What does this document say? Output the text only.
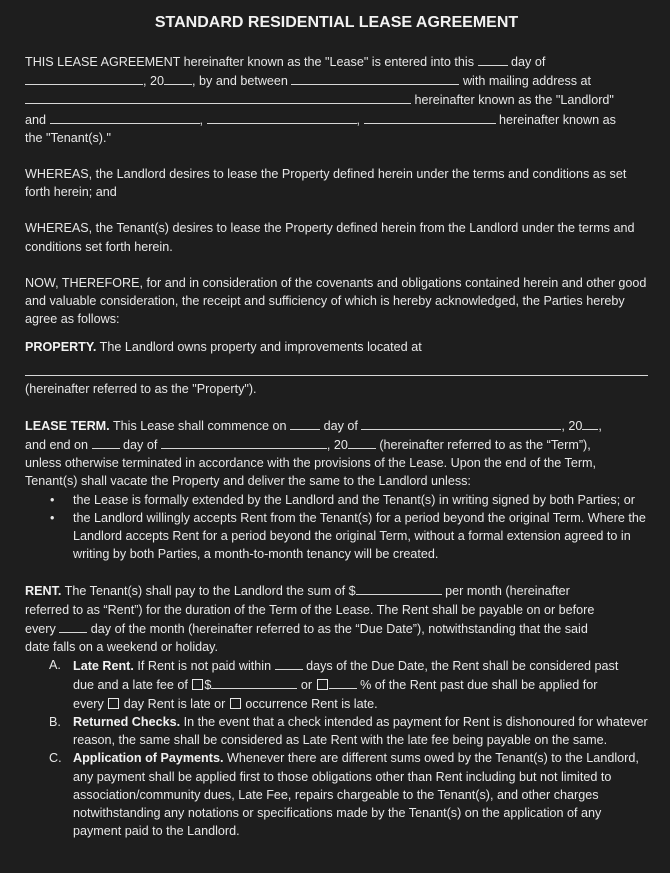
STANDARD RESIDENTIAL LEASE AGREEMENT

THIS LEASE AGREEMENT hereinafter known as the "Lease" is entered into this	day of

, 20 , by and between	with mailing address at

hereinafter known as the "Landlord"

and	,	,	hereinafter known as

the "Tenant(s)."

WHEREAS, the Landlord desires to lease the Property defined herein under the terms and conditions as set forth herein; and

WHEREAS, the Tenant(s) desires to lease the Property defined herein from the Landlord under the terms and conditions set forth herein.

NOW, THEREFORE, for and in consideration of the covenants and obligations contained herein and other good and valuable consideration, the receipt and sufficiency of which is hereby acknowledged, the Parties hereby agree as follows:

PROPERTY. The Landlord owns property and improvements located at

(hereinafter referred to as the "Property").

LEASE TERM. This Lease shall commence on	day of	, 20 ,

and end on	day of	, 20	(hereinafter referred to as the “Term”),

unless otherwise terminated in accordance with the provisions of the Lease. Upon the end of the Term, Tenant(s) shall vacate the Property and deliver the same to the Landlord unless:

• the Lease is formally extended by the Landlord and the Tenant(s) in writing signed by both Parties; or
• the Landlord willingly accepts Rent from the Tenant(s) for a period beyond the original Term. Where the Landlord accepts Rent for a period beyond the original Term, without a formal extension agreed to in writing by both Parties, a month-to-month tenancy will be created.

RENT. The Tenant(s) shall pay to the Landlord the sum of $	per month (hereinafter

referred to as “Rent”) for the duration of the Term of the Lease. The Rent shall be payable on or before

every	day of the month (hereinafter referred to as the “Due Date”), notwithstanding that the said

date falls on a weekend or holiday.

A. Late Rent. If Rent is not paid within	days of the Due Date, the Rent shall be considered past
due and a late fee of $	or	% of the Rent past due shall be applied for
every day Rent is late or occurrence Rent is late.
B. Returned Checks. In the event that a check intended as payment for Rent is dishonoured for whatever reason, the same shall be considered as Late Rent with the late fee being payable on the same.
C. Application of Payments. Whenever there are different sums owed by the Tenant(s) to the Landlord, any payment shall be applied first to those obligations other than Rent including but not limited to association/community dues, Late Fee, repairs chargeable to the Tenant(s), and other charges notwithstanding any notations or specifications made by the Tenant(s) on the application of any payment paid to the Landlord.
